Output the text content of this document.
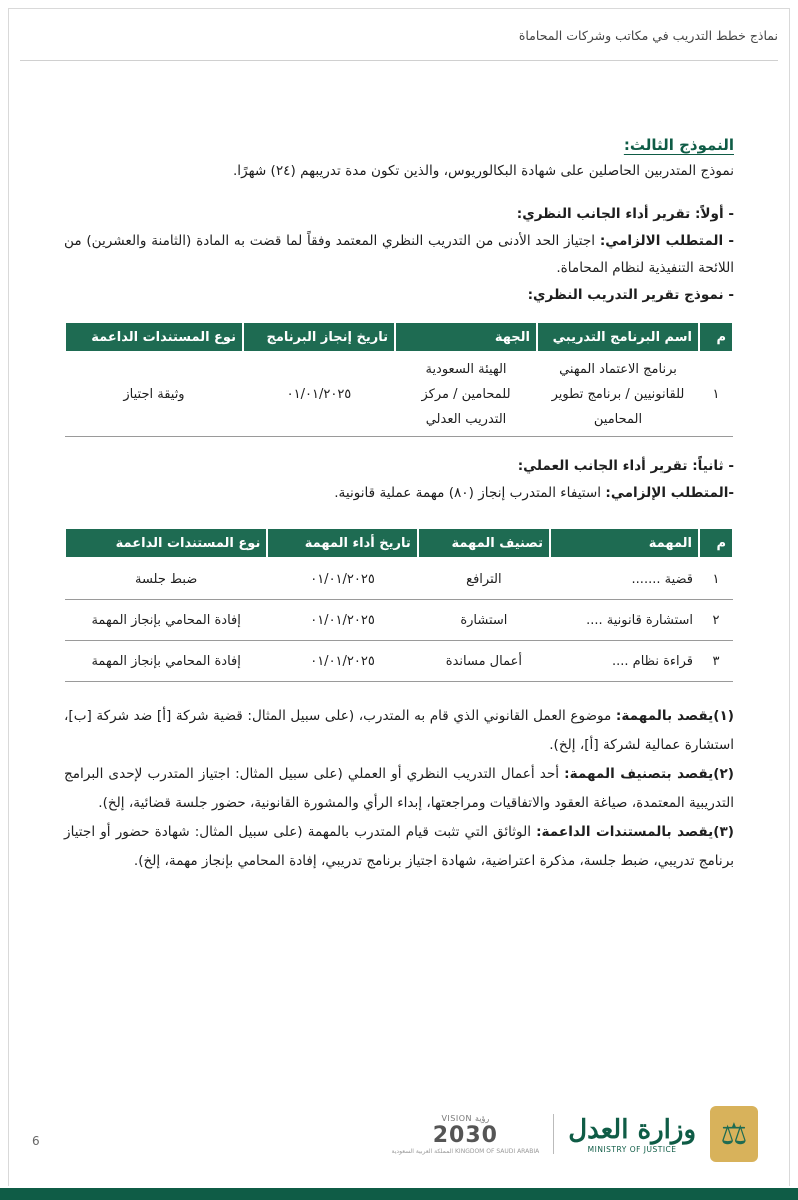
نماذج خطط التدريب في مكاتب وشركات المحاماة
النموذج الثالث:

نموذج المتدربين الحاصلين على شهادة البكالوريوس، والذين تكون مدة تدريبهم (٢٤) شهرًا.

- أولاً: تقرير أداء الجانب النظري:

- المتطلب الالزامي: اجتياز الحد الأدنى من التدريب النظري المعتمد وفقاً لما قضت به المادة (الثامنة والعشرين) من اللائحة التنفيذية لنظام المحاماة.

- نموذج تقرير التدريب النظري:

م	اسم البرنامج التدريبي	الجهة	تاريخ إنجاز البرنامج	نوع المستندات الداعمة
١	برنامج الاعتماد المهني للقانونيين / برنامج تطوير المحامين	الهيئة السعودية للمحامين / مركز التدريب العدلي	٠١/٠١/٢٠٢٥	وثيقة اجتياز

- ثانياً: تقرير أداء الجانب العملي:

-المتطلب الإلزامي: استيفاء المتدرب إنجاز (٨٠) مهمة عملية قانونية.

م	المهمة	تصنيف المهمة	تاريخ أداء المهمة	نوع المستندات الداعمة
١	قضية .......	الترافع	٠١/٠١/٢٠٢٥	ضبط جلسة
٢	استشارة قانونية ....	استشارة	٠١/٠١/٢٠٢٥	إفادة المحامي بإنجاز المهمة
٣	قراءة نظام ....	أعمال مساندة	٠١/٠١/٢٠٢٥	إفادة المحامي بإنجاز المهمة

(١)يقصد بالمهمة: موضوع العمل القانوني الذي قام به المتدرب، (على سبيل المثال: قضية شركة [أ] ضد شركة [ب]، استشارة عمالية لشركة [أ]، إلخ).

(٢)يقصد بتصنيف المهمة: أحد أعمال التدريب النظري أو العملي (على سبيل المثال: اجتياز المتدرب لإحدى البرامج التدريبية المعتمدة، صياغة العقود والاتفاقيات ومراجعتها، إبداء الرأي والمشورة القانونية، حضور جلسة قضائية، إلخ).

(٣)يقصد بالمستندات الداعمة: الوثائق التي تثبت قيام المتدرب بالمهمة (على سبيل المثال: شهادة حضور أو اجتياز برنامج تدريبي، ضبط جلسة، مذكرة اعتراضية، شهادة اجتياز برنامج تدريبي، إفادة المحامي بإنجاز مهمة، إلخ).

6
VISION رؤية
2030
المملكة العربية السعودية KINGDOM OF SAUDI ARABIA
وزارة العدل
MINISTRY OF JUSTICE	⚖
